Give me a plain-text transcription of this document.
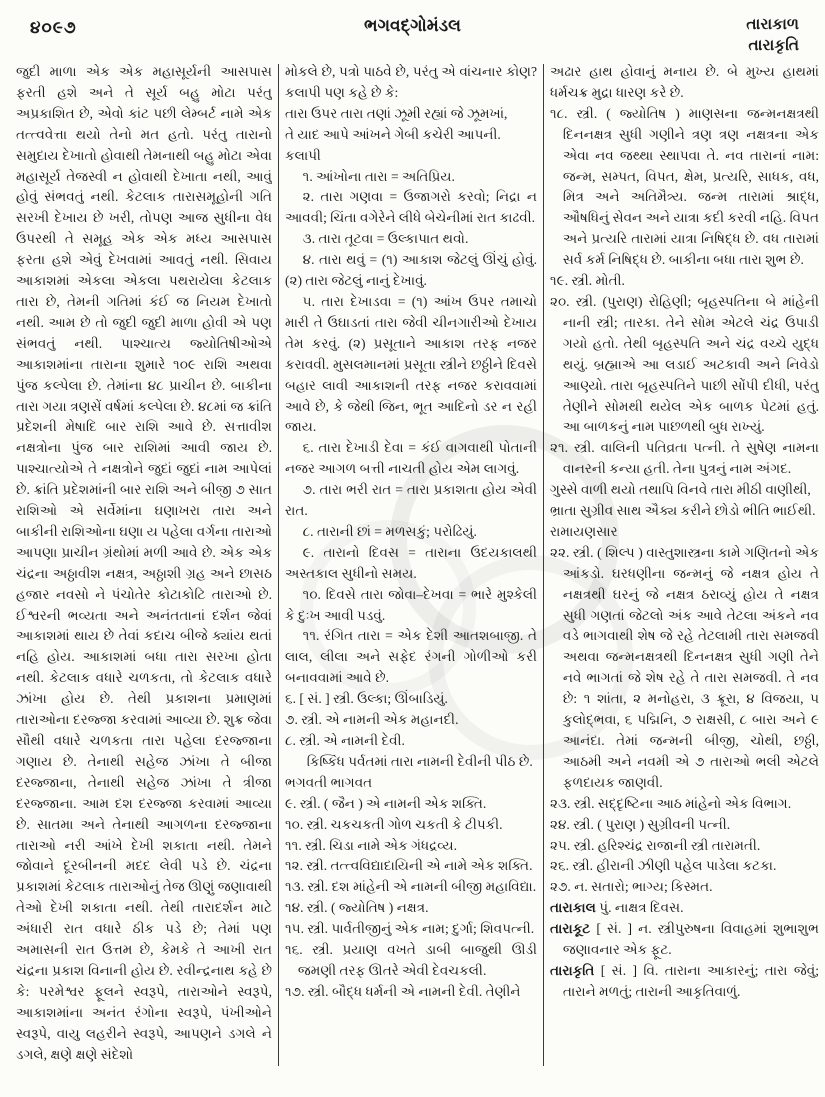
૪૦૯૭	ભગવદ્ગોમંડલ	તારાકાળ
તારાકૃતિ

જુદી માળા એક એક મહાસૂર્યની આસપાસ ફરતી હશે અને તે સૂર્ય બહુ મોટા પરંતુ અપ્રકાશિત છે, એવો કાંટ પછી લેમ્બર્ટ નામે એક તત્ત્વવેત્તા થયો તેનો મત હતો. પરંતુ તારાનો સમુદાય દેખાતો હોવાથી તેમનાથી બહુ મોટા એવા મહાસૂર્ય તેજસ્વી ન હોવાથી દેખાતા નથી, આવું હોવું સંભવતું નથી. કેટલાક તારાસમૂહોની ગતિ સરખી દેખાય છે ખરી, તોપણ આજ સુધીના વેધ ઉપરથી તે સમૂહ એક એક મધ્ય આસપાસ ફરતા હશે એવું દેખવામાં આવતું નથી. સિવાય આકાશમાં એકલા એકલા પથરાયેલા કેટલાક તારા છે, તેમની ગતિમાં કંઈ જ નિયમ દેખાતો નથી. આમ છે તો જુદી જુદી માળા હોવી એ પણ સંભવતું નથી. પાશ્ચાત્ય જ્યોતિષીઓએ આકાશમાંના તારાના શુમારે ૧૦૯ રાશિ અથવા પુંજ કલ્પેલા છે. તેમાંના ૪૮ પ્રાચીન છે. બાકીના તારા ગયા ત્રણસેં વર્ષમાં કલ્પેલા છે. ૪૮માં જ ક્રાંતિ પ્રદેશની મેષાદિ બાર રાશિ આવે છે. સત્તાવીશ નક્ષત્રોના પુંજ બાર રાશિમાં આવી જાય છે. પાશ્ચાત્યોએ તે નક્ષત્રોને જુદાં જુદાં નામ આપેલાં છે. ક્રાંતિ પ્રદેશમાંની બાર રાશિ અને બીજી ૭ સાત રાશિઓ એ સર્વેમાંના ઘણાખરા તારા અને બાકીની રાશિઓના ઘણા ય પહેલા વર્ગના તારાઓ આપણા પ્રાચીન ગ્રંથોમાં મળી આવે છે. એક એક ચંદ્રના અઠ્ઠાવીશ નક્ષત્ર, અઠ્ઠાશી ગ્રહ અને છાસઠ હજાર નવસો ને પંચોતેર કોટાકોટિ તારાઓ છે. ઈશ્વરની ભવ્યતા અને અનંતતાનાં દર્શન જેવાં આકાશમાં થાય છે તેવાં કદાચ બીજે ક્યાંય થતાં નહિ હોય. આકાશમાં બધા તારા સરખા હોતા નથી. કેટલાક વધારે ચળકતા, તો કેટલાક વધારે ઝાંખા હોય છે. તેથી પ્રકાશના પ્રમાણમાં તારાઓના દરજ્જા કરવામાં આવ્યા છે. શુક્ર જેવા સૌથી વધારે ચળકતા તારા પહેલા દરજ્જાના ગણાય છે. તેનાથી સહેજ ઝાંખા તે બીજા દરજ્જાના, તેનાથી સહેજ ઝાંખા તે ત્રીજા દરજ્જાના. આમ દશ દરજ્જા કરવામાં આવ્યા છે. સાતમા અને તેનાથી આગળના દરજ્જાના તારાઓ નરી આંખે દેખી શકાતા નથી. તેમને જોવાને દૂરબીનની મદદ લેવી પડે છે. ચંદ્રના પ્રકાશમાં કેટલાક તારાઓનું તેજ ઊણું જણાવાથી તેઓ દેખી શકાતા નથી. તેથી તારાદર્શન માટે અંધારી રાત વધારે ઠીક પડે છે; તેમાં પણ અમાસની રાત ઉત્તમ છે, કેમકે તે આખી રાત ચંદ્રના પ્રકાશ વિનાની હોય છે. રવીન્દ્રનાથ કહે છે કે: પરમેશ્વર ફૂલને સ્વરૂપે, તારાઓને સ્વરૂપે, આકાશમાંના અનંત રંગોના સ્વરૂપે, પંખીઓને સ્વરૂપે, વાયુ લહરીને સ્વરૂપે, આપણને ડગલે ને ડગલે, ક્ષણે ક્ષણે સંદેશો

મોકલે છે, પત્રો પાઠવે છે, પરંતુ એ વાંચનાર કોણ? કલાપી પણ કહે છે કે:

તારા ઉપર તારા તણાં ઝૂમી રહ્યાં જે ઝૂમખાં,

તે યાદ આપે આંખને ગેબી કચેરી આપની.

કલાપી

૧. આંખોના તારા = અતિપ્રિય.

૨. તારા ગણવા = ઉજાગરો કરવો; નિદ્રા ન આવવી; ચિંતા વગેરેને લીધે બેચેનીમાં રાત કાઢવી.

૩. તારા તૂટવા = ઉલ્કાપાત થવો.

૪. તારા થવું = (૧) આકાશ જેટલું ઊંચું હોવું. (૨) તારા જેટલું નાનું દેખાવું.

૫. તારા દેખાડવા = (૧) આંખ ઉપર તમાચો મારી તે ઉઘાડતાં તારા જેવી ચીનગારીઓ દેખાય તેમ કરવું. (૨) પ્રસૂતાને આકાશ તરફ નજર કરાવવી. મુસલમાનમાં પ્રસૂતા સ્ત્રીને છઠ્ઠીને દિવસે બહાર લાવી આકાશની તરફ નજર કરાવવામાં આવે છે, કે જેથી જિન, ભૂત આદિનો ડર ન રહી જાય.

૬. તારા દેખાડી દેવા = કંઈ વાગવાથી પોતાની નજર આગળ બત્તી નાચતી હોય એમ લાગવું.

૭. તારા ભરી રાત = તારા પ્રકાશતા હોય એવી રાત.

૮. તારાની છાં = મળસકું; પરોઢિયું.

૯. તારાનો દિવસ = તારાના ઉદયકાલથી અસ્તકાલ સુધીનો સમય.

૧૦. દિવસે તારા જોવા–દેખવા = ભારે મુશ્કેલી કે દુઃખ આવી પડવું.

૧૧. રંગિત તારા = એક દેશી આતશબાજી. તે લાલ, લીલા અને સફેદ રંગની ગોળીઓ કરી બનાવવામાં આવે છે.

૬. [ સં. ] સ્ત્રી. ઉલ્કા; ઊંબાડિયું.

૭. સ્ત્રી. એ નામની એક મહાનદી.

૮. સ્ત્રી. એ નામની દેવી.

કિષ્કિંધ પર્વતમાં તારા નામની દેવીની પીઠ છે.

ભગવતી ભાગવત

૯. સ્ત્રી. ( જૈન ) એ નામની એક શક્તિ.

૧૦. સ્ત્રી. ચકચકતી ગોળ ચકતી કે ટીપકી.

૧૧. સ્ત્રી. ચિડા નામે એક ગંધદ્રવ્ય.

૧૨. સ્ત્રી. તત્ત્વવિદ્યાદાયિની એ નામે એક શક્તિ.

૧૩. સ્ત્રી. દશ માંહેની એ નામની બીજી મહાવિદ્યા.

૧૪. સ્ત્રી. ( જ્યોતિષ ) નક્ષત્ર.

૧૫. સ્ત્રી. પાર્વતીજીનું એક નામ; દુર્ગા; શિવપત્ની.

૧૬. સ્ત્રી. પ્રયાણ વખતે ડાબી બાજુથી ઊડી જમણી તરફ ઊતરે એવી દેવચકલી.

૧૭. સ્ત્રી. બૌદ્ધ ધર્મની એ નામની દેવી. તેણીને

અઢાર હાથ હોવાનું મનાય છે. બે મુખ્ય હાથમાં ધર્મચક્ર મુદ્રા ધારણ કરે છે.

૧૮. સ્ત્રી. ( જ્યોતિષ ) માણસના જન્મનક્ષત્રથી દિનનક્ષત્ર સુધી ગણીને ત્રણ ત્રણ નક્ષત્રના એક એવા નવ જથ્થા સ્થાપવા તે. નવ તારાનાં નામ: જન્મ, સમ્પત, વિપત, ક્ષેમ, પ્રત્યરિ, સાધક, વધ, મિત્ર અને અતિમૈત્ર્ય. જન્મ તારામાં શ્રાદ્ધ, ઔષધિનું સેવન અને યાત્રા કદી કરવી નહિ. વિપત અને પ્રત્યરિ તારામાં યાત્રા નિષિદ્ધ છે. વધ તારામાં સર્વ કર્મ નિષિદ્ધ છે. બાકીના બધા તારા શુભ છે.

૧૯. સ્ત્રી. મોતી.

૨૦. સ્ત્રી. (પુરાણ) રોહિણી; બૃહસ્પતિના બે માંહેની નાની સ્ત્રી; તારકા. તેને સોમ એટલે ચંદ્ર ઉપાડી ગયો હતો. તેથી બૃહસ્પતિ અને ચંદ્ર વચ્ચે યુદ્ધ થયું. બ્રહ્માએ આ લડાઈ અટકાવી અને નિવેડો આણ્યો. તારા બૃહસ્પતિને પાછી સોંપી દીધી, પરંતુ તેણીને સોમથી થયેલ એક બાળક પેટમાં હતું. આ બાળકનું નામ પાછળથી બુધ રાખ્યું.

૨૧. સ્ત્રી. વાલિની પતિવ્રતા પત્ની. તે સુષેણ નામના વાનરની કન્યા હતી. તેના પુત્રનું નામ અંગદ.

ગુસ્સે વાળી થયો તથાપિ વિનવે તારા મીઠી વાણીથી,

ભ્રાતા સુગ્રીવ સાથ ઐક્ય કરીને છોડો ભીતિ ભાઈથી.

રામાયણસાર

૨૨. સ્ત્રી. ( શિલ્પ ) વાસ્તુશાસ્ત્રના કામે ગણિતનો એક આંકડો. ઘરધણીના જન્મનું જે નક્ષત્ર હોય તે નક્ષત્રથી ઘરનું જે નક્ષત્ર ઠરાવ્યું હોય તે નક્ષત્ર સુધી ગણતાં જેટલો અંક આવે તેટલા અંકને નવ વડે ભાગવાથી શેષ જે રહે તેટલામી તારા સમજવી અથવા જન્મનક્ષત્રથી દિનનક્ષત્ર સુધી ગણી તેને નવે ભાગતાં જે શેષ રહે તે તારા સમજવી. તે નવ છે: ૧ શાંતા, ૨ મનોહરા, ૩ ક્રૂરા, ૪ વિજયા, ૫ કુલોદ્ભવા, ૬ પદ્મિનિ, ૭ રાક્ષસી, ૮ બારા અને ૯ આનંદા. તેમાં જન્મની બીજી, ચોથી, છઠ્ઠી, આઠમી અને નવમી એ ૭ તારાઓ ભલી એટલે ફળદાયક જાણવી.

૨૩. સ્ત્રી. સદ્દૃષ્ટિના આઠ માંહેનો એક વિભાગ.

૨૪. સ્ત્રી. ( પુરાણ ) સુગ્રીવની પત્ની.

૨૫. સ્ત્રી. હરિશ્ચંદ્ર રાજાની સ્ત્રી તારામતી.

૨૬. સ્ત્રી. હીરાની ઝીણી પહેલ પાડેલા કટકા.

૨૭. ન. સતારો; ભાગ્ય; કિસ્મત.

તારાકાલ પું. નાક્ષત્ર દિવસ.

તારાકૂટ [ સં. ] ન. સ્ત્રીપુરુષના વિવાહમાં શુભાશુભ જણાવનાર એક ફૂટ.

તારાકૃતિ [ સં. ] વિ. તારાના આકારનું; તારા જેવું; તારાને મળતું; તારાની આકૃતિવાળું.
